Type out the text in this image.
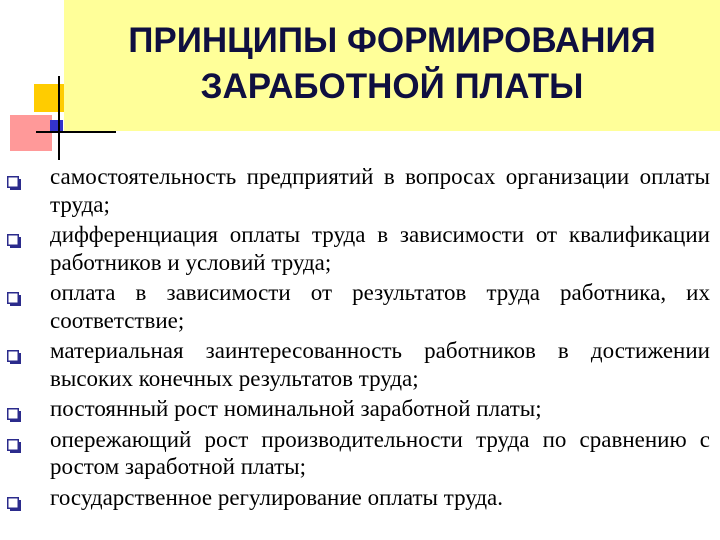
ПРИНЦИПЫ ФОРМИРОВАНИЯ
ЗАРАБОТНОЙ ПЛАТЫ
самостоятельность предприятий в вопросах организации оплаты труда;
дифференциация оплаты труда в зависимости от квалификации работников и условий труда;
оплата в зависимости от результатов труда работника, их соответствие;
материальная заинтересованность работников в достижении высоких конечных результатов труда;
постоянный рост номинальной заработной платы;
опережающий рост производительности труда по сравнению с ростом заработной платы;
государственное регулирование оплаты труда.
